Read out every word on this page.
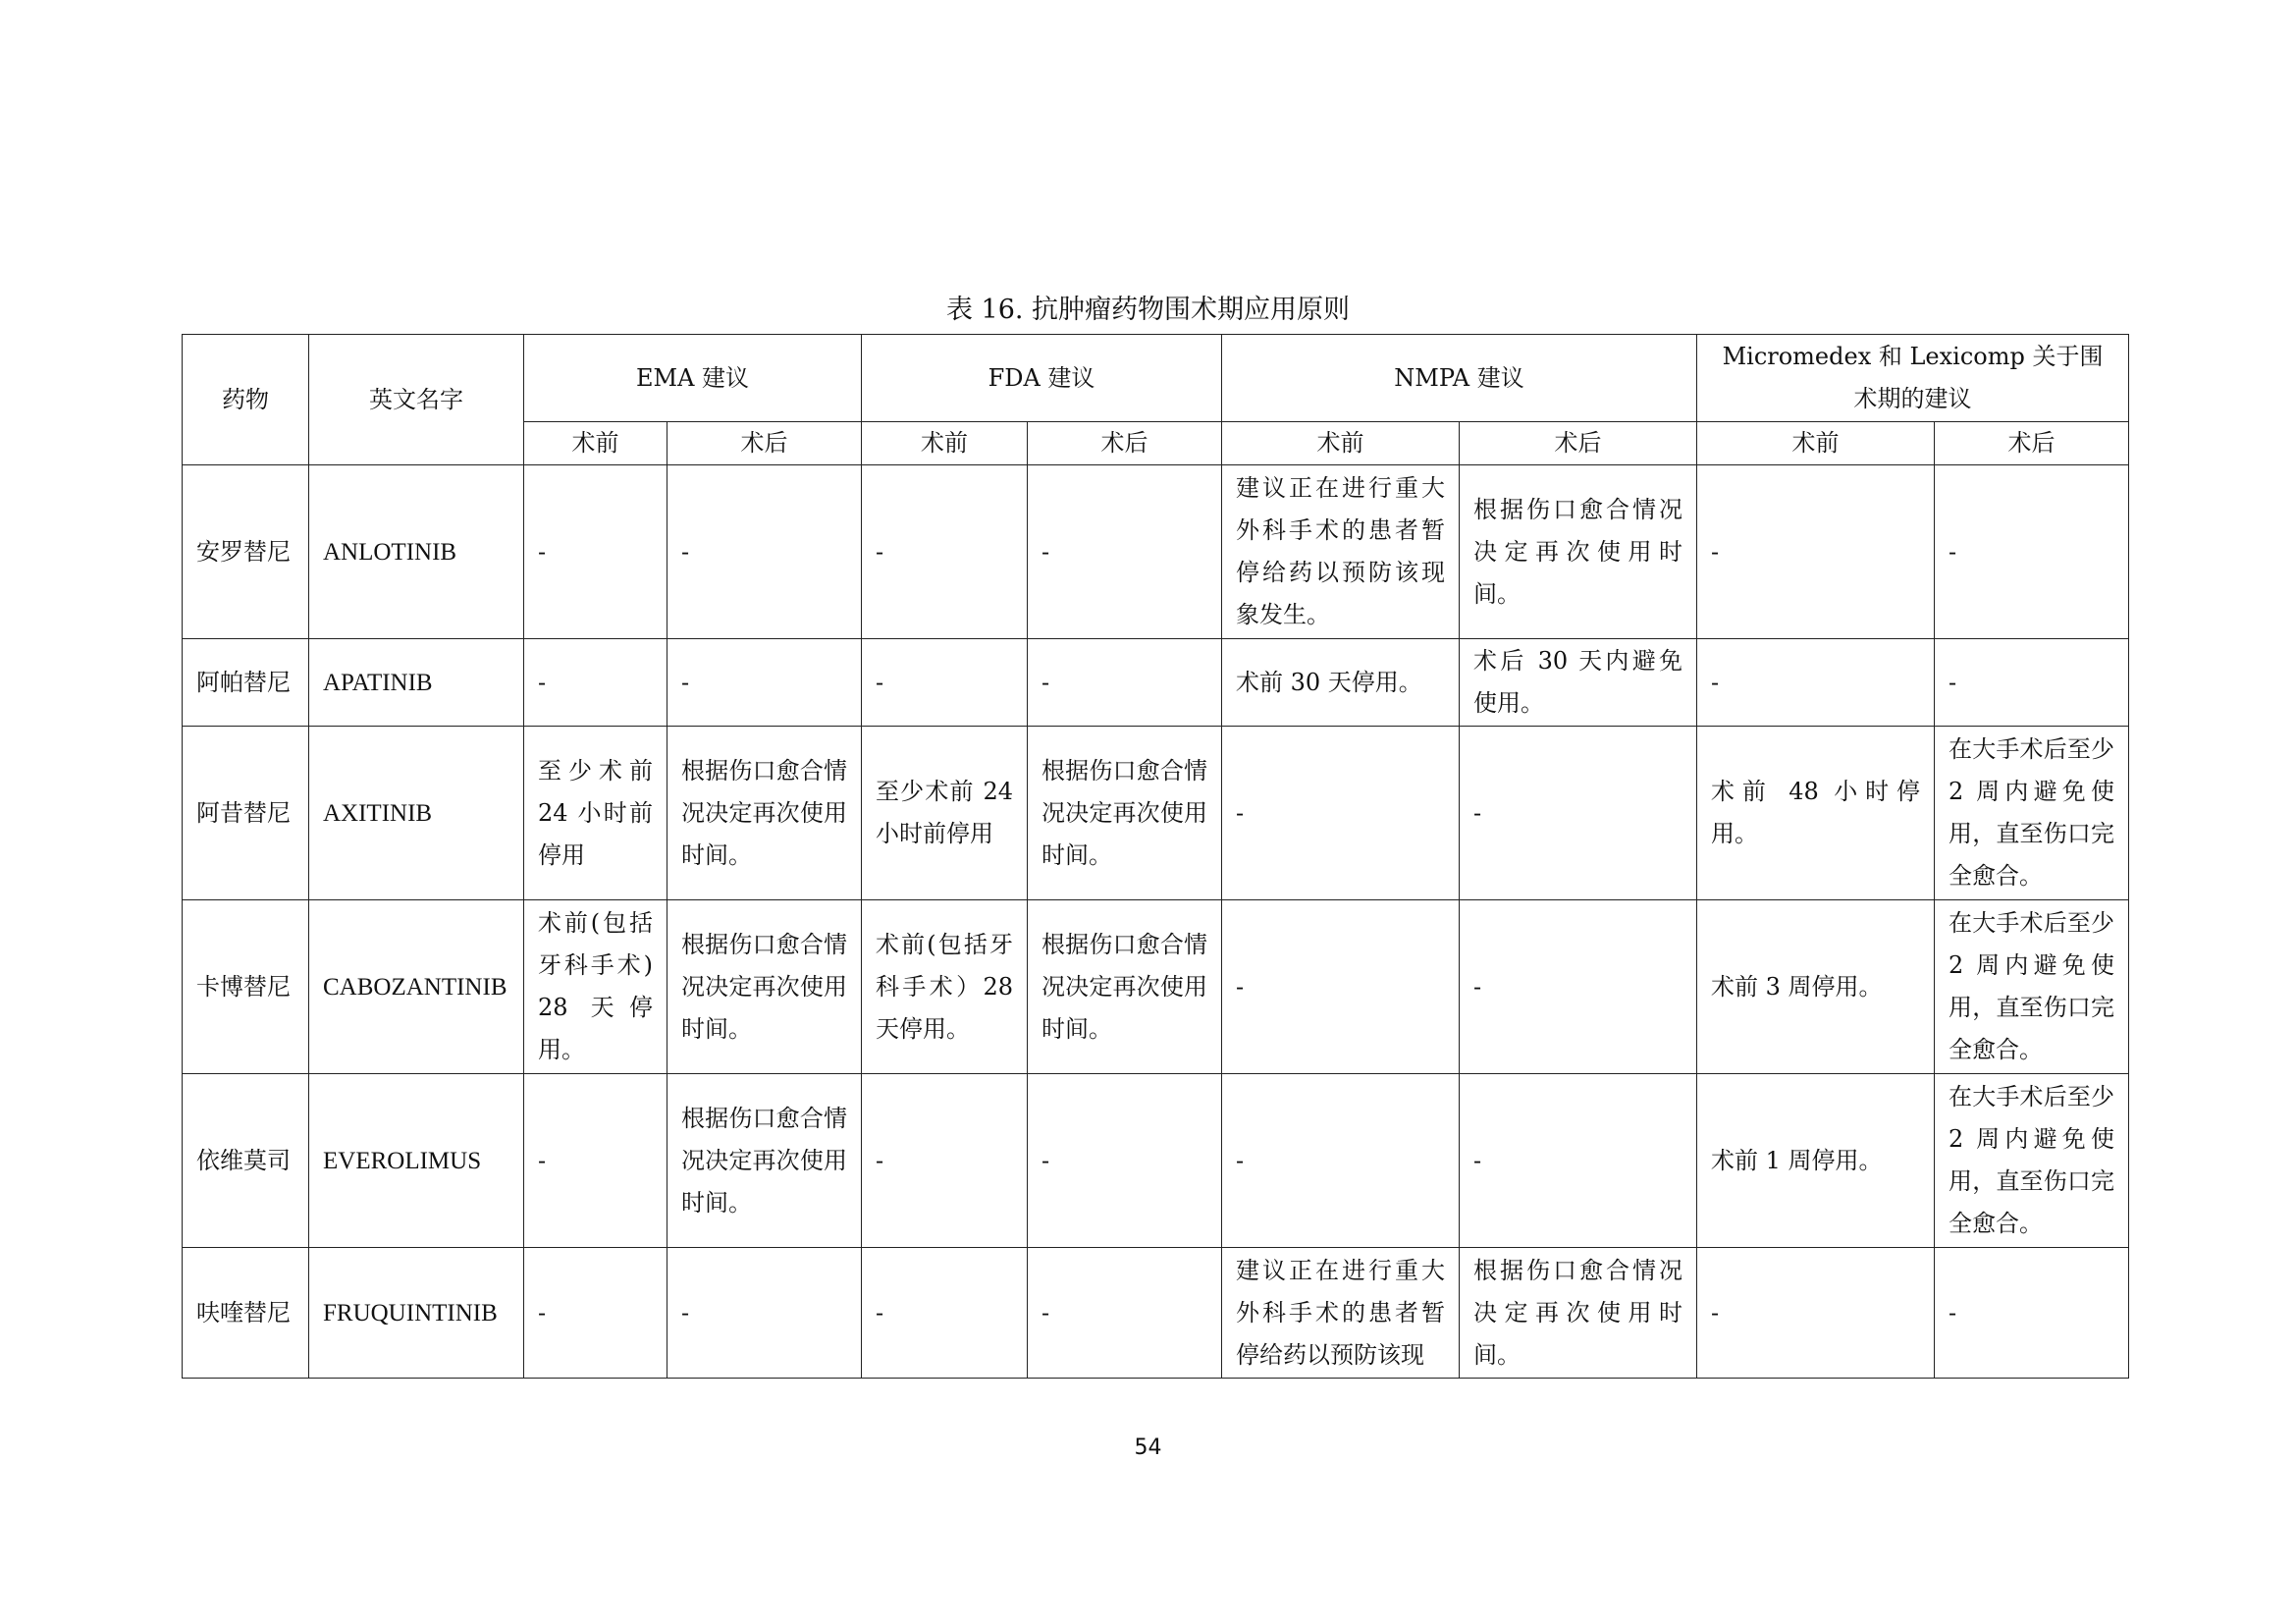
表 16. 抗肿瘤药物围术期应用原则
药物	英文名字	EMA 建议		FDA 建议		NMPA 建议		Micromedex 和 Lexicomp 关于围术期的建议	
		术前	术后	术前	术后	术前	术后	术前	术后
安罗替尼	ANLOTINIB	-	-	-	-	建议正在进行重大外科手术的患者暂停给药以预防该现象发生。	根据伤口愈合情况决定再次使用时间。	-	-
阿帕替尼	APATINIB	-	-	-	-	术前 30 天停用。	术后 30 天内避免使用。	-	-
阿昔替尼	AXITINIB	至少术前 24 小时前停用	根据伤口愈合情况决定再次使用时间。	至少术前 24 小时前停用	根据伤口愈合情况决定再次使用时间。	-	-	术前 48 小时停用。	在大手术后至少 2 周内避免使用，直至伤口完全愈合。
卡博替尼	CABOZANTINIB	术前(包括牙科手术) 28 天停用。	根据伤口愈合情况决定再次使用时间。	术前(包括牙科手术）28 天停用。	根据伤口愈合情况决定再次使用时间。	-	-	术前 3 周停用。	在大手术后至少 2 周内避免使用，直至伤口完全愈合。
依维莫司	EVEROLIMUS	-	根据伤口愈合情况决定再次使用时间。	-	-	-	-	术前 1 周停用。	在大手术后至少 2 周内避免使用，直至伤口完全愈合。
呋喹替尼	FRUQUINTINIB	-	-	-	-	建议正在进行重大外科手术的患者暂停给药以预防该现	根据伤口愈合情况决定再次使用时间。	-	-
54
